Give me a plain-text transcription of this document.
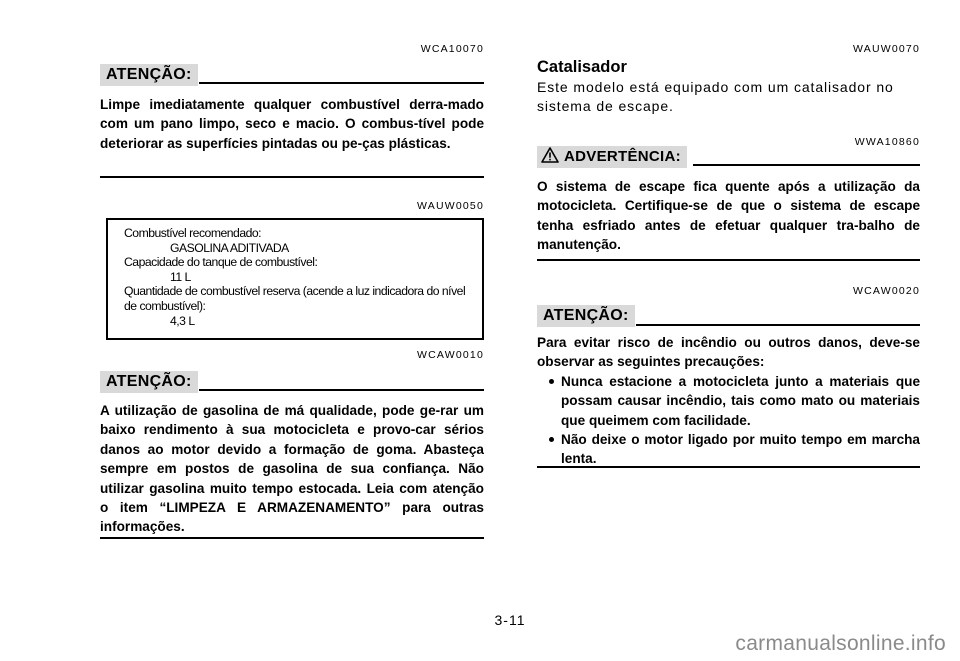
WCA10070
ATENÇÃO:

Limpe imediatamente qualquer combustível derra-mado com um pano limpo, seco e macio. O combus-tível pode deteriorar as superfícies pintadas ou pe-ças plásticas.

WAUW0050
Combustível recomendado:
GASOLINA ADITIVADA
Capacidade do tanque de combustível:
11 L
Quantidade de combustível reserva (acende a luz indicadora do nível de combustível):
4,3 L
WCAW0010
ATENÇÃO:

A utilização de gasolina de má qualidade, pode ge-rar um baixo rendimento à sua motocicleta e provo-car sérios danos ao motor devido a formação de goma. Abasteça sempre em postos de gasolina de sua confiança. Não utilizar gasolina muito tempo estocada. Leia com atenção o item “LIMPEZA E ARMAZENAMENTO” para outras informações.

WAUW0070
Catalisador

Este modelo está equipado com um catalisador no sistema de escape.

WWA10860
ADVERTÊNCIA:

O sistema de escape fica quente após a utilização da motocicleta. Certifique-se de que o sistema de escape tenha esfriado antes de efetuar qualquer tra-balho de manutenção.

WCAW0020
ATENÇÃO:
Para evitar risco de incêndio ou outros danos, deve-se observar as seguintes precauções:
Nunca estacione a motocicleta junto a materiais que possam causar incêndio, tais como mato ou materiais que queimem com facilidade.
Não deixe o motor ligado por muito tempo em marcha lenta.
3-11
carmanualsonline.info
